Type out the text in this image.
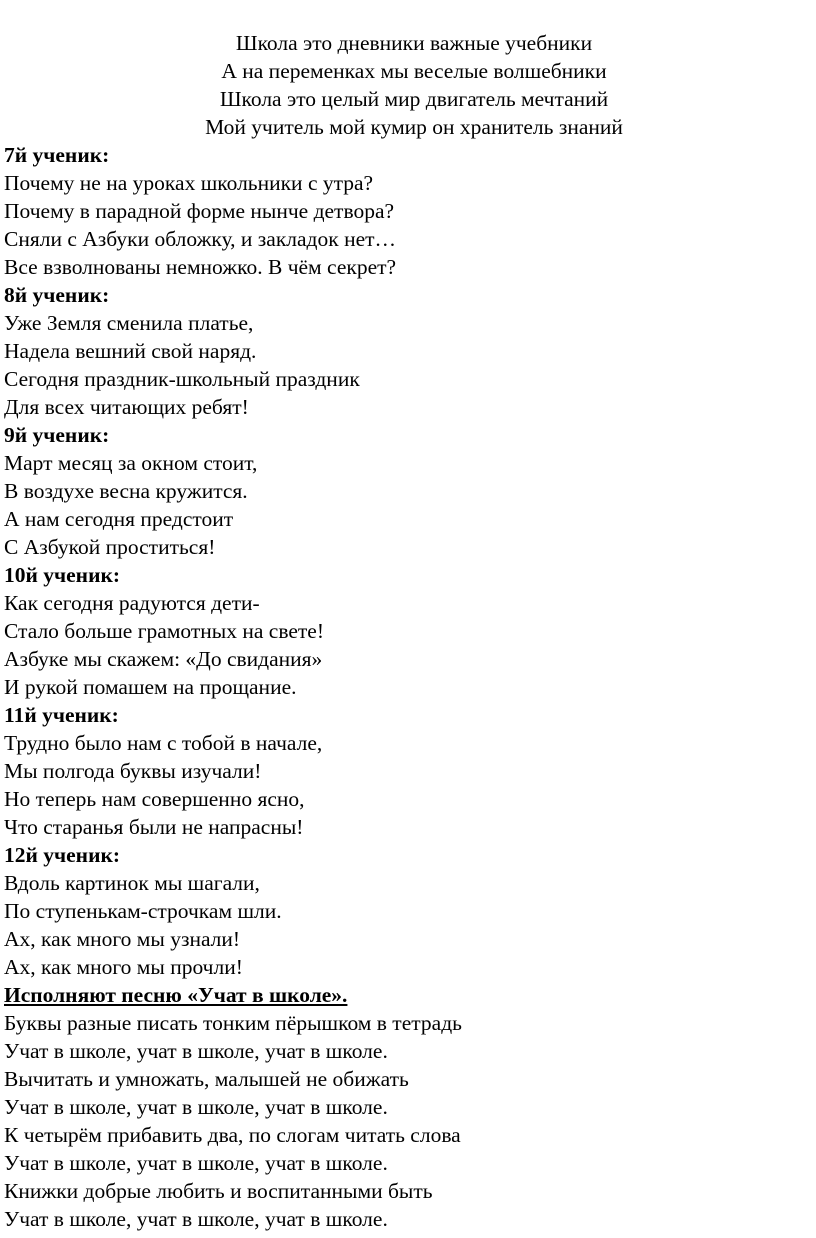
Школа это дневники важные учебники
А на переменках мы веселые волшебники
Школа это целый мир двигатель мечтаний
Мой учитель мой кумир он хранитель знаний
7й ученик:
Почему не на уроках школьники с утра?
Почему в парадной форме нынче детвора?
Сняли с Азбуки обложку, и закладок нет…
Все взволнованы немножко. В чём секрет?
8й ученик:
Уже Земля сменила платье,
Надела вешний свой наряд.
Сегодня праздник-школьный праздник
Для всех читающих ребят!
9й ученик:
Март месяц за окном стоит,
В воздухе весна кружится.
А нам сегодня предстоит
С Азбукой проститься!
10й ученик:
Как сегодня радуются дети-
Стало больше грамотных на свете!
Азбуке мы скажем: «До свидания»
И рукой помашем на прощание.
11й ученик:
Трудно было нам с тобой в начале,
Мы полгода буквы изучали!
Но теперь нам совершенно ясно,
Что старанья были не напрасны!
12й ученик:
Вдоль картинок мы шагали,
По ступенькам-строчкам шли.
Ах, как много мы узнали!
Ах, как много мы прочли!
Исполняют песню «Учат в школе».
Буквы разные писать тонким пёрышком в тетрадь
Учат в школе, учат в школе, учат в школе.
Вычитать и умножать, малышей не обижать
Учат в школе, учат в школе, учат в школе.
К четырём прибавить два, по слогам читать слова
Учат в школе, учат в школе, учат в школе.
Книжки добрые любить и воспитанными быть
Учат в школе, учат в школе, учат в школе.
